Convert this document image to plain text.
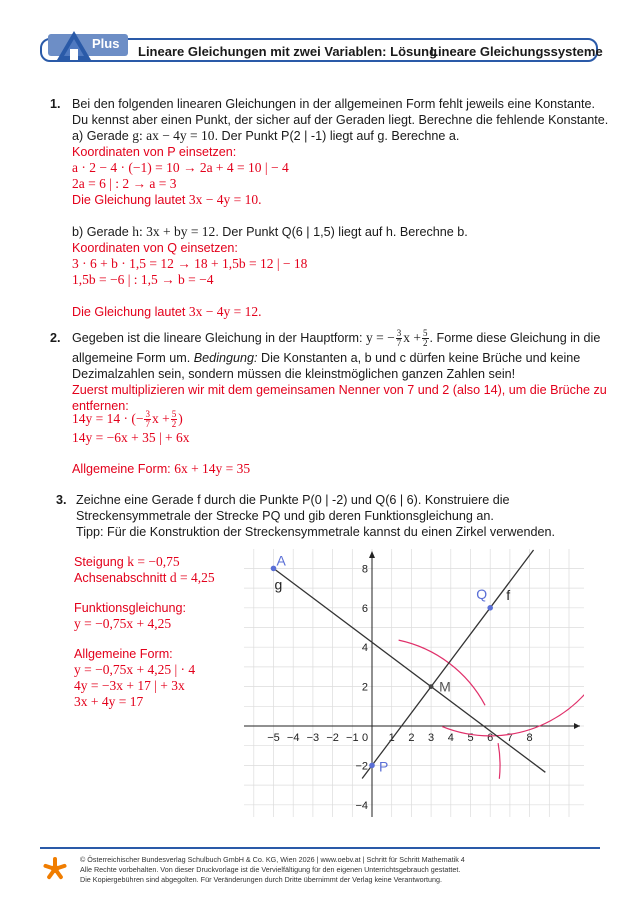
Plus
Lineare Gleichungen mit zwei Variablen: Lösung
Lineare Gleichungssysteme
1. Bei den folgenden linearen Gleichungen in der allgemeinen Form fehlt jeweils eine Konstante.
Du kennst aber einen Punkt, der sicher auf der Geraden liegt. Berechne die fehlende Konstante.
a) Gerade g: ax − 4y = 10. Der Punkt P(2 | -1) liegt auf g. Berechne a.
Koordinaten von P einsetzen:
a · 2 − 4 · (−1) = 10 → 2a + 4 = 10 | − 4
2a = 6 | : 2 → a = 3
Die Gleichung lautet 3x − 4y = 10.
b) Gerade h: 3x + by = 12. Der Punkt Q(6 | 1,5) liegt auf h. Berechne b.
Koordinaten von Q einsetzen:
3 · 6 + b · 1,5 = 12 → 18 + 1,5b = 12 | − 18
1,5b = −6 | : 1,5 → b = −4
Die Gleichung lautet 3x − 4y = 12.
2. Gegeben ist die lineare Gleichung in der Hauptform: y = − $\frac{3}{7}$ $x + \frac{5}{2}$ . Forme diese Gleichung in die
allgemeine Form um. Bedingung: Die Konstanten a, b und c dürfen keine Brüche und keine
Dezimalzahlen sein, sondern müssen die kleinstmöglichen ganzen Zahlen sein!
Zuerst multiplizieren wir mit dem gemeinsamen Nenner von 7 und 2 (also 14), um die Brüche zu
entfernen:
14y = 14 · (− $\frac{3}{7}$ $x + \frac{5}{2}$ )
14y = −6x + 35 | + 6x
Allgemeine Form: 6x + 14y = 35
3. Zeichne eine Gerade f durch die Punkte P(0 | -2) und Q(6 | 6). Konstruiere die
Streckensymmetrale der Strecke PQ und gib deren Funktionsgleichung an.
Tipp: Für die Konstruktion der Streckensymmetrale kannst du einen Zirkel verwenden.
Steigung k = −0,75
Achsenabschnitt d = 4,25
Funktionsgleichung:
y = −0,75x + 4,25
Allgemeine Form:
y = −0,75x + 4,25 | · 4
4y = −3x + 17 | + 3x
3x + 4y = 17
−5 −4 −3 −2 −1 0 1 2 3 4 5 6 7 8
8
6
4
2
−2
−4
A
g
Q f
M
P
© Österreichischer Bundesverlag Schulbuch GmbH & Co. KG, Wien 2026 | www.oebv.at | Schritt für Schritt Mathematik 4
Alle Rechte vorbehalten. Von dieser Druckvorlage ist die Vervielfältigung für den eigenen Unterrichtsgebrauch gestattet.
Die Kopiergebühren sind abgegolten. Für Veränderungen durch Dritte übernimmt der Verlag keine Verantwortung.
